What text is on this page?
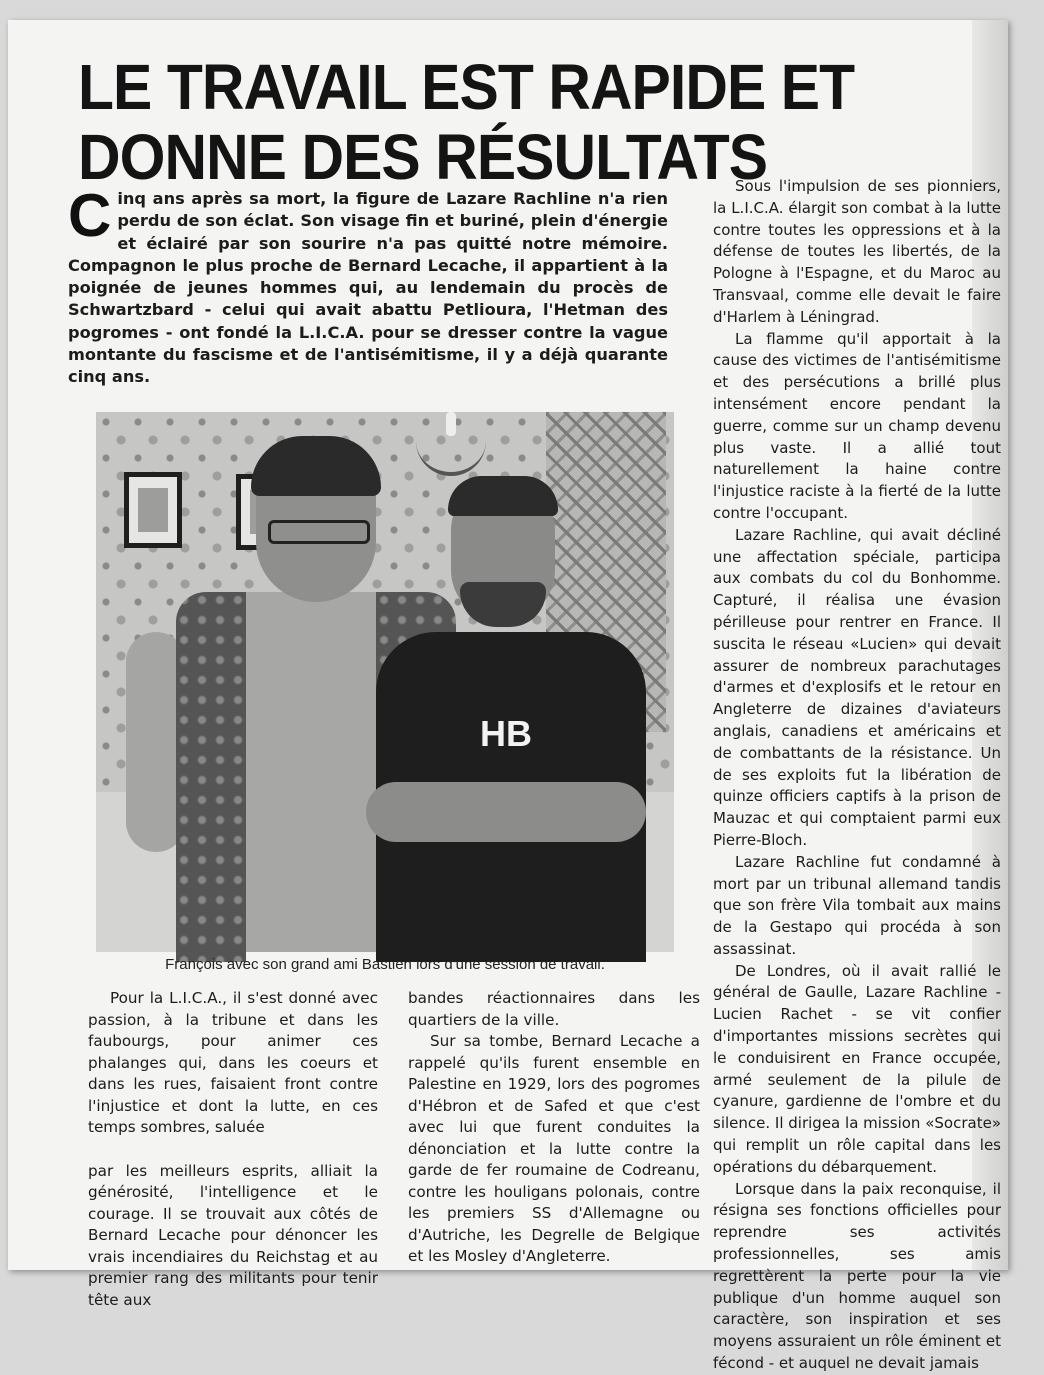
LE TRAVAIL EST RAPIDE ET DONNE DES RÉSULTATS
C inq ans après sa mort, la figure de Lazare Rachline n'a rien perdu de son éclat. Son visage fin et buriné, plein d'énergie et éclairé par son sourire n'a pas quitté notre mémoire. Compagnon le plus proche de Bernard Lecache, il appartient à la poignée de jeunes hommes qui, au lendemain du procès de Schwartzbard - celui qui avait abattu Petlioura, l'Hetman des pogromes - ont fondé la L.I.C.A. pour se dresser contre la vague montante du fascisme et de l'antisémitisme, il y a déjà quarante cinq ans.

HB
François avec son grand ami Bastien lors d'une session de travail.

Pour la L.I.C.A., il s'est donné avec passion, à la tribune et dans les faubourgs, pour animer ces phalanges qui, dans les coeurs et dans les rues, faisaient front contre l'injustice et dont la lutte, en ces temps sombres, saluée

par les meilleurs esprits, alliait la générosité, l'intelligence et le courage. Il se trouvait aux côtés de Bernard Lecache pour dénoncer les vrais incendiaires du Reichstag et au premier rang des militants pour tenir tête aux

bandes réactionnaires dans les quartiers de la ville.

Sur sa tombe, Bernard Lecache a rappelé qu'ils furent ensemble en Palestine en 1929, lors des pogromes d'Hébron et de Safed et que c'est avec lui que furent conduites la dénonciation et la lutte contre la garde de fer roumaine de Codreanu, contre les houligans polonais, contre les premiers SS d'Allemagne ou d'Autriche, les Degrelle de Belgique et les Mosley d'Angleterre.

Sous l'impulsion de ses pionniers, la L.I.C.A. élargit son combat à la lutte contre toutes les oppressions et à la défense de toutes les libertés, de la Pologne à l'Espagne, et du Maroc au Transvaal, comme elle devait le faire d'Harlem à Léningrad.

La flamme qu'il apportait à la cause des victimes de l'antisémitisme et des persécutions a brillé plus intensément encore pendant la guerre, comme sur un champ devenu plus vaste. Il a allié tout naturellement la haine contre l'injustice raciste à la fierté de la lutte contre l'occupant.

Lazare Rachline, qui avait décliné une affectation spéciale, participa aux combats du col du Bonhomme. Capturé, il réalisa une évasion périlleuse pour rentrer en France. Il suscita le réseau «Lucien» qui devait assurer de nombreux parachutages d'armes et d'explosifs et le retour en Angleterre de dizaines d'aviateurs anglais, canadiens et américains et de combattants de la résistance. Un de ses exploits fut la libération de quinze officiers captifs à la prison de Mauzac et qui comptaient parmi eux Pierre-Bloch.

Lazare Rachline fut condamné à mort par un tribunal allemand tandis que son frère Vila tombait aux mains de la Gestapo qui procéda à son assassinat.

De Londres, où il avait rallié le général de Gaulle, Lazare Rachline - Lucien Rachet - se vit confier d'importantes missions secrètes qui le conduisirent en France occupée, armé seulement de la pilule de cyanure, gardienne de l'ombre et du silence. Il dirigea la mission «Socrate» qui remplit un rôle capital dans les opérations du débarquement.

Lorsque dans la paix reconquise, il résigna ses fonctions officielles pour reprendre ses activités professionnelles, ses amis regrettèrent la perte pour la vie publique d'un homme auquel son caractère, son inspiration et ses moyens assuraient un rôle éminent et fécond - et auquel ne devait jamais
